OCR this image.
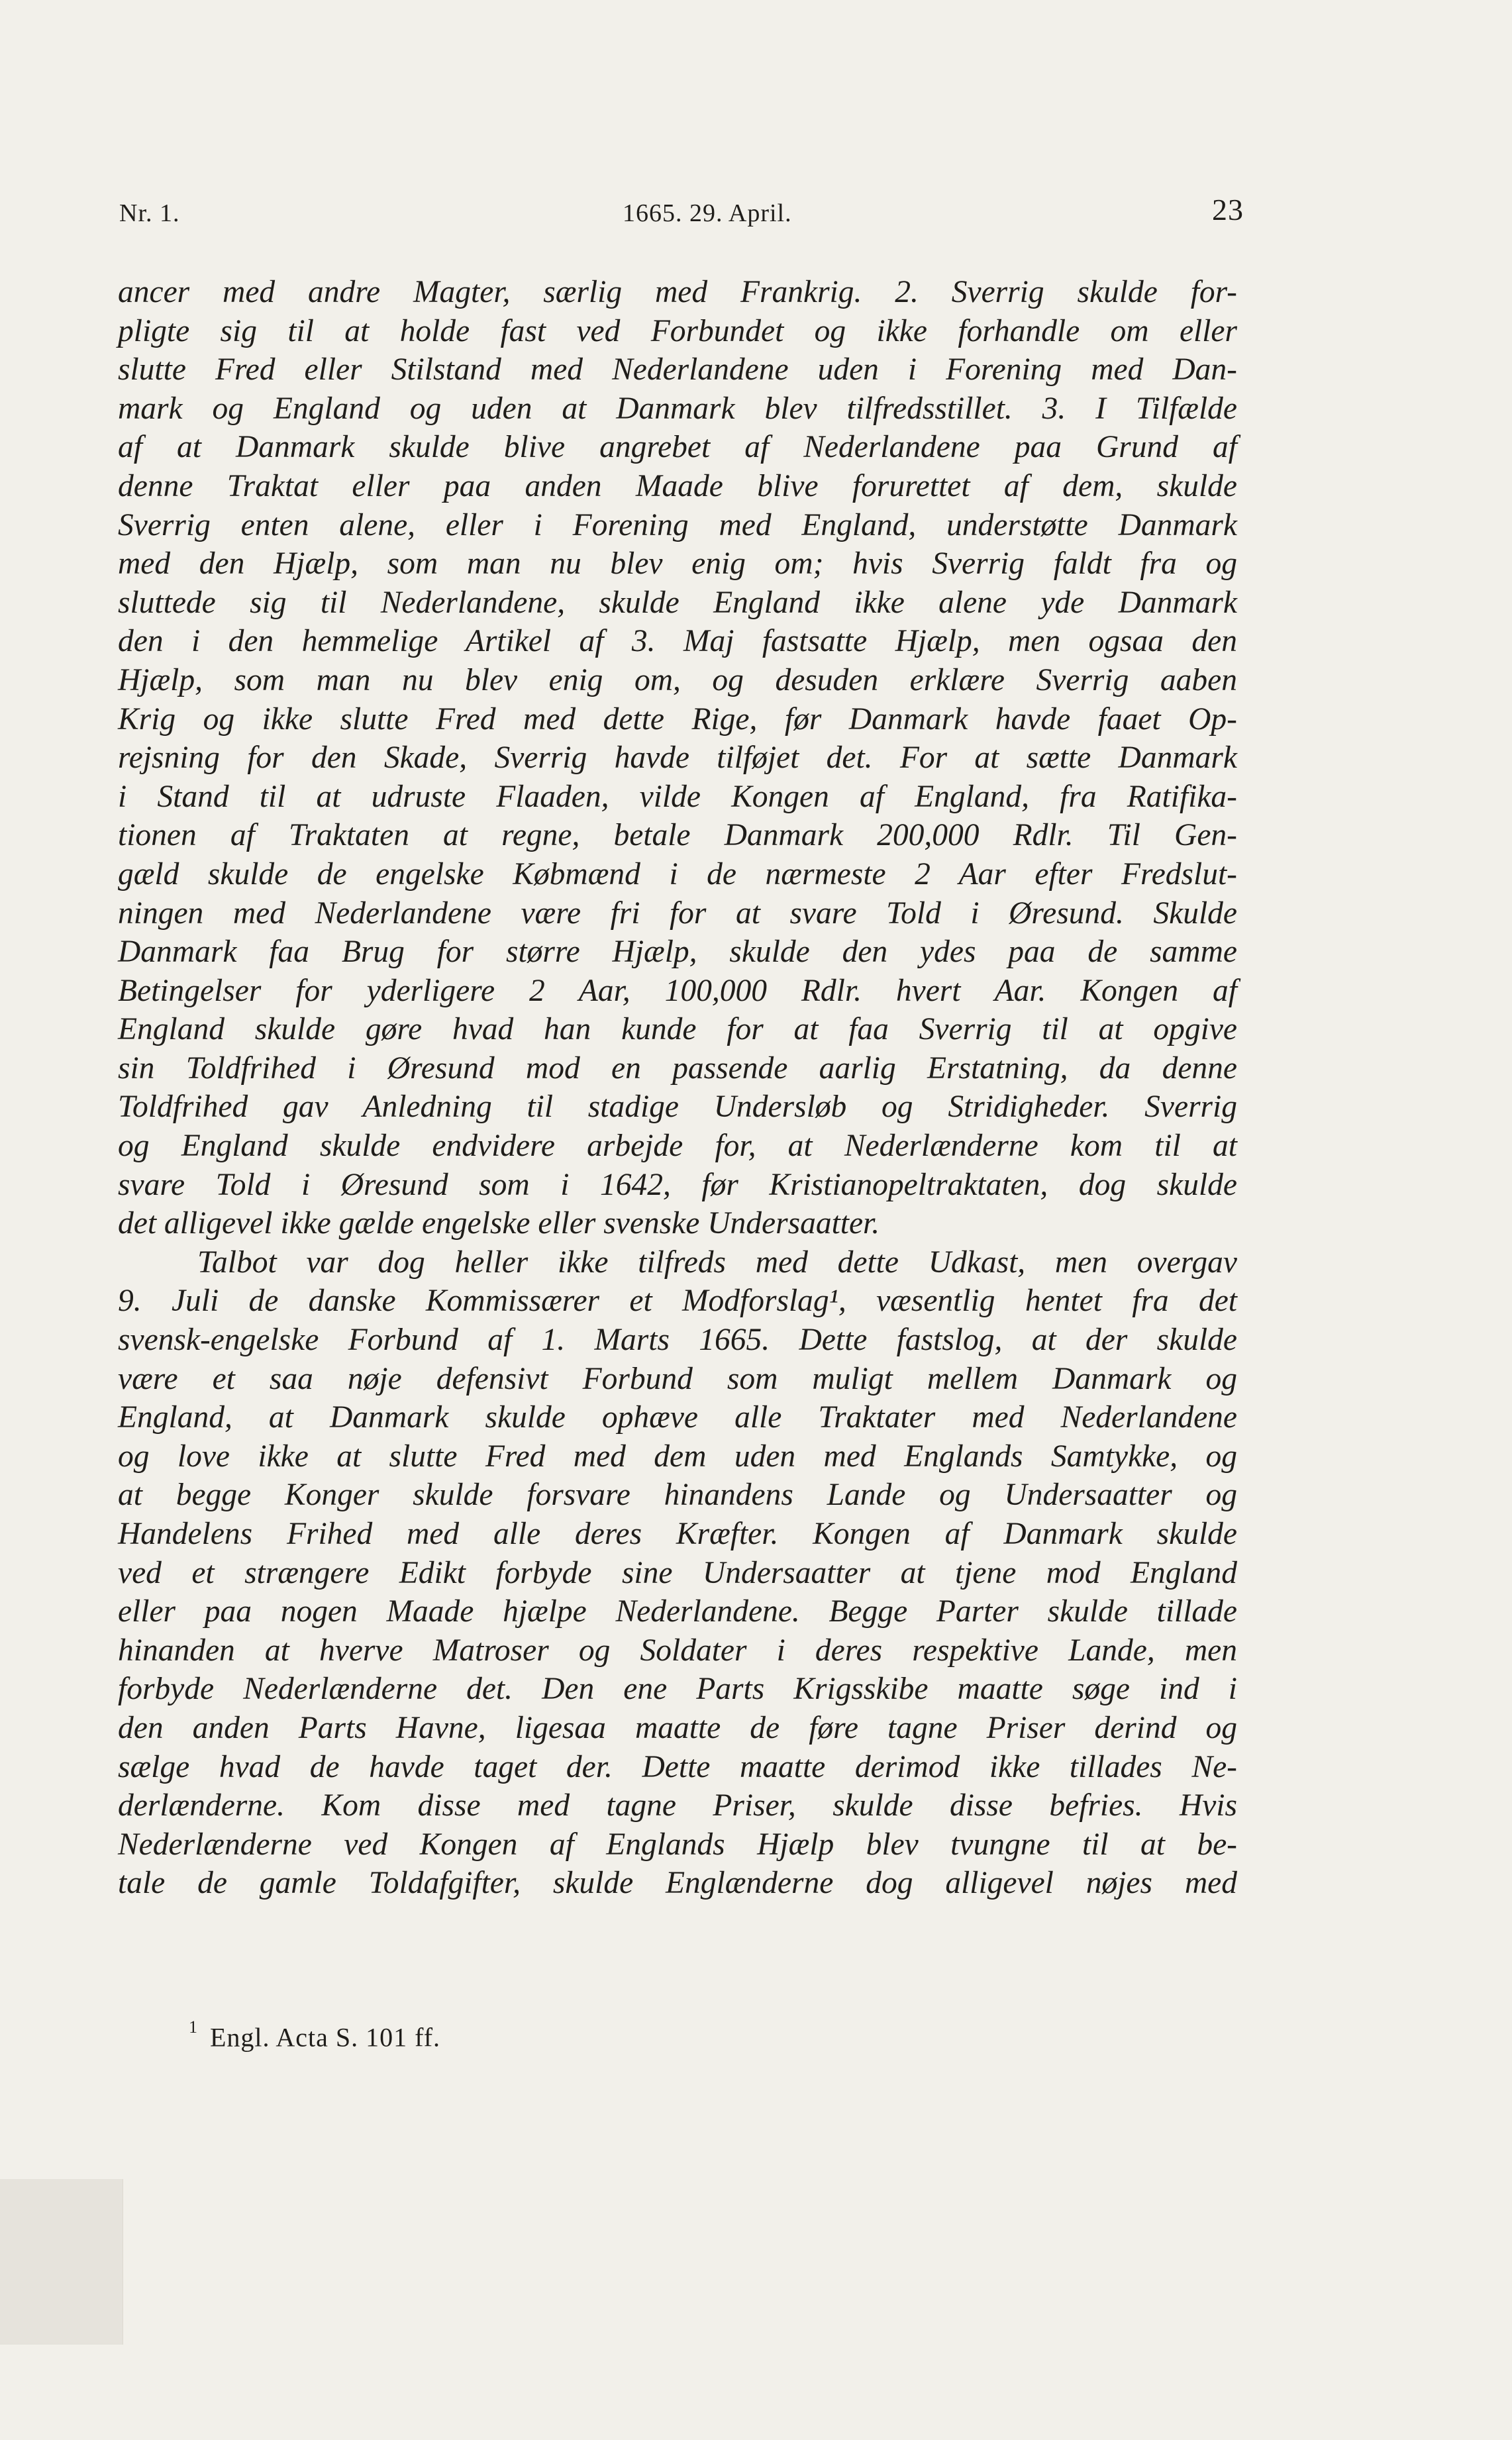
Nr. 1.	1665. 29. April.	23
ancer med andre Magter, særlig med Frankrig. 2. Sverrig skulde for-
pligte sig til at holde fast ved Forbundet og ikke forhandle om eller
slutte Fred eller Stilstand med Nederlandene uden i Forening med Dan-
mark og England og uden at Danmark blev tilfredsstillet. 3. I Tilfælde
af at Danmark skulde blive angrebet af Nederlandene paa Grund af
denne Traktat eller paa anden Maade blive forurettet af dem, skulde
Sverrig enten alene, eller i Forening med England, understøtte Danmark
med den Hjælp, som man nu blev enig om; hvis Sverrig faldt fra og
sluttede sig til Nederlandene, skulde England ikke alene yde Danmark
den i den hemmelige Artikel af 3. Maj fastsatte Hjælp, men ogsaa den
Hjælp, som man nu blev enig om, og desuden erklære Sverrig aaben
Krig og ikke slutte Fred med dette Rige, før Danmark havde faaet Op-
rejsning for den Skade, Sverrig havde tilføjet det. For at sætte Danmark
i Stand til at udruste Flaaden, vilde Kongen af England, fra Ratifika-
tionen af Traktaten at regne, betale Danmark 200,000 Rdlr. Til Gen-
gæld skulde de engelske Købmænd i de nærmeste 2 Aar efter Fredslut-
ningen med Nederlandene være fri for at svare Told i Øresund. Skulde
Danmark faa Brug for større Hjælp, skulde den ydes paa de samme
Betingelser for yderligere 2 Aar, 100,000 Rdlr. hvert Aar. Kongen af
England skulde gøre hvad han kunde for at faa Sverrig til at opgive
sin Toldfrihed i Øresund mod en passende aarlig Erstatning, da denne
Toldfrihed gav Anledning til stadige Undersløb og Stridigheder. Sverrig
og England skulde endvidere arbejde for, at Nederlænderne kom til at
svare Told i Øresund som i 1642, før Kristianopeltraktaten, dog skulde
det alligevel ikke gælde engelske eller svenske Undersaatter.
Talbot var dog heller ikke tilfreds med dette Udkast, men overgav
9. Juli de danske Kommissærer et Modforslag¹, væsentlig hentet fra det
svensk-engelske Forbund af 1. Marts 1665. Dette fastslog, at der skulde
være et saa nøje defensivt Forbund som muligt mellem Danmark og
England, at Danmark skulde ophæve alle Traktater med Nederlandene
og love ikke at slutte Fred med dem uden med Englands Samtykke, og
at begge Konger skulde forsvare hinandens Lande og Undersaatter og
Handelens Frihed med alle deres Kræfter. Kongen af Danmark skulde
ved et strængere Edikt forbyde sine Undersaatter at tjene mod England
eller paa nogen Maade hjælpe Nederlandene. Begge Parter skulde tillade
hinanden at hverve Matroser og Soldater i deres respektive Lande, men
forbyde Nederlænderne det. Den ene Parts Krigsskibe maatte søge ind i
den anden Parts Havne, ligesaa maatte de føre tagne Priser derind og
sælge hvad de havde taget der. Dette maatte derimod ikke tillades Ne-
derlænderne. Kom disse med tagne Priser, skulde disse befries. Hvis
Nederlænderne ved Kongen af Englands Hjælp blev tvungne til at be-
tale de gamle Toldafgifter, skulde Englænderne dog alligevel nøjes med
$^1$ Engl. Acta S. 101 ff.
